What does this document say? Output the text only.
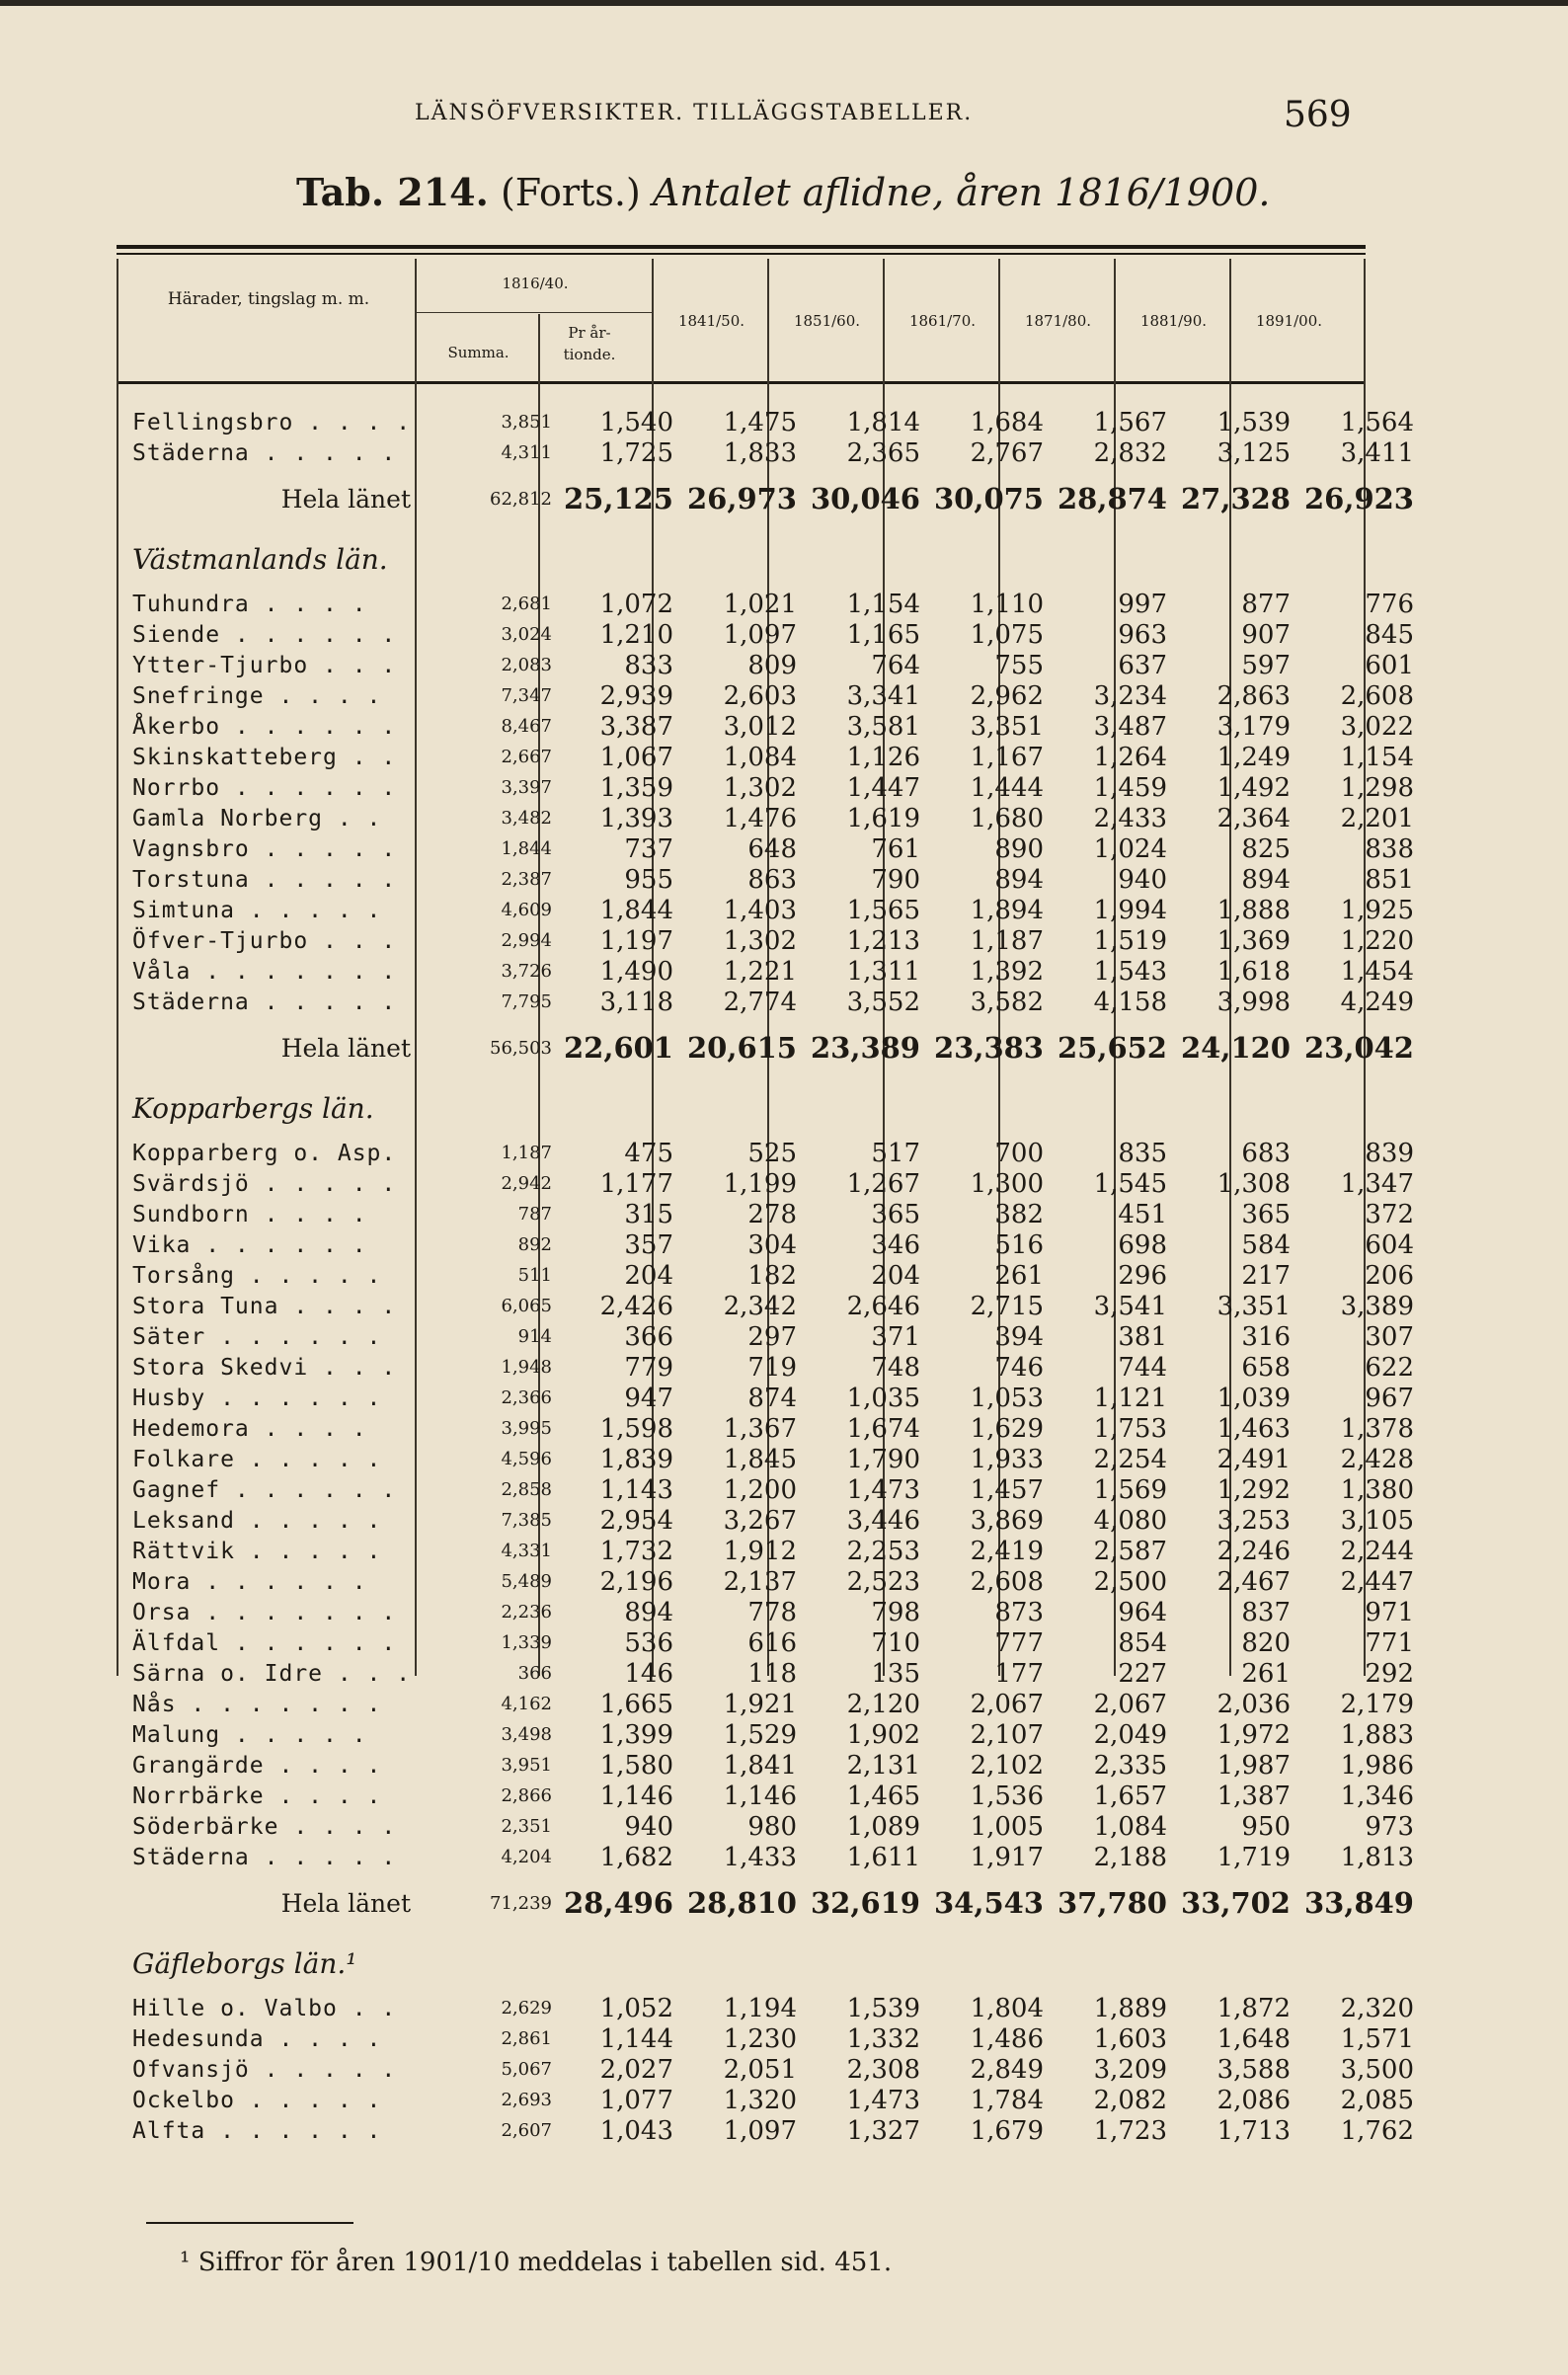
LÄNSÖFVERSIKTER. TILLÄGGSTABELLER.	569
Tab. 214. (Forts.) Antalet aflidne, åren 1816/1900.
Härader, tingslag m. m.
1816/40.
Summa.
Pr år-tionde.
1841/50.	1851/60.	1861/70.	1871/80.	1881/90.	1891/00.
Fellingsbro . . . .	3,851	1,540	1,475	1,814	1,684	1,567	1,539	1,564
Städerna . . . . .	4,311	1,725	1,833	2,365	2,767	2,832	3,125	3,411
Hela länet	62,812	25,125	26,973	30,046	30,075	28,874	27,328	26,923
Västmanlands län.								
Tuhundra . . . .	2,681	1,072	1,021	1,154	1,110	997	877	776
Siende . . . . . .	3,024	1,210	1,097	1,165	1,075	963	907	845
Ytter-Tjurbo . . .	2,083	833	809	764	755	637	597	601
Snefringe . . . .	7,347	2,939	2,603	3,341	2,962	3,234	2,863	2,608
Åkerbo . . . . . .	8,467	3,387	3,012	3,581	3,351	3,487	3,179	3,022
Skinskatteberg . .	2,667	1,067	1,084	1,126	1,167	1,264	1,249	1,154
Norrbo . . . . . .	3,397	1,359	1,302	1,447	1,444	1,459	1,492	1,298
Gamla Norberg . .	3,482	1,393	1,476	1,619	1,680	2,433	2,364	2,201
Vagnsbro . . . . .	1,844	737	648	761	890	1,024	825	838
Torstuna . . . . .	2,387	955	863	790	894	940	894	851
Simtuna . . . . .	4,609	1,844	1,403	1,565	1,894	1,994	1,888	1,925
Öfver-Tjurbo . . .	2,994	1,197	1,302	1,213	1,187	1,519	1,369	1,220
Våla . . . . . . .	3,726	1,490	1,221	1,311	1,392	1,543	1,618	1,454
Städerna . . . . .	7,795	3,118	2,774	3,552	3,582	4,158	3,998	4,249
Hela länet	56,503	22,601	20,615	23,389	23,383	25,652	24,120	23,042
Kopparbergs län.								
Kopparberg o. Asp.	1,187	475	525	517	700	835	683	839
Svärdsjö . . . . .	2,942	1,177	1,199	1,267	1,300	1,545	1,308	1,347
Sundborn . . . .	787	315	278	365	382	451	365	372
Vika . . . . . .	892	357	304	346	516	698	584	604
Torsång . . . . .	511	204	182	204	261	296	217	206
Stora Tuna . . . .	6,065	2,426	2,342	2,646	2,715	3,541	3,351	3,389
Säter . . . . . .	914	366	297	371	394	381	316	307
Stora Skedvi . . .	1,948	779	719	748	746	744	658	622
Husby . . . . . .	2,366	947	874	1,035	1,053	1,121	1,039	967
Hedemora . . . .	3,995	1,598	1,367	1,674	1,629	1,753	1,463	1,378
Folkare . . . . .	4,596	1,839	1,845	1,790	1,933	2,254	2,491	2,428
Gagnef . . . . . .	2,858	1,143	1,200	1,473	1,457	1,569	1,292	1,380
Leksand . . . . .	7,385	2,954	3,267	3,446	3,869	4,080	3,253	3,105
Rättvik . . . . .	4,331	1,732	1,912	2,253	2,419	2,587	2,246	2,244
Mora . . . . . .	5,489	2,196	2,137	2,523	2,608	2,500	2,467	2,447
Orsa . . . . . . .	2,236	894	778	798	873	964	837	971
Älfdal . . . . . .	1,339	536	616	710	777	854	820	771
Särna o. Idre . . .	366	146	118	135	177	227	261	292
Nås . . . . . . .	4,162	1,665	1,921	2,120	2,067	2,067	2,036	2,179
Malung . . . . .	3,498	1,399	1,529	1,902	2,107	2,049	1,972	1,883
Grangärde . . . .	3,951	1,580	1,841	2,131	2,102	2,335	1,987	1,986
Norrbärke . . . .	2,866	1,146	1,146	1,465	1,536	1,657	1,387	1,346
Söderbärke . . . .	2,351	940	980	1,089	1,005	1,084	950	973
Städerna . . . . .	4,204	1,682	1,433	1,611	1,917	2,188	1,719	1,813
Hela länet	71,239	28,496	28,810	32,619	34,543	37,780	33,702	33,849
Gäfleborgs län.¹								
Hille o. Valbo . .	2,629	1,052	1,194	1,539	1,804	1,889	1,872	2,320
Hedesunda . . . .	2,861	1,144	1,230	1,332	1,486	1,603	1,648	1,571
Ofvansjö . . . . .	5,067	2,027	2,051	2,308	2,849	3,209	3,588	3,500
Ockelbo . . . . .	2,693	1,077	1,320	1,473	1,784	2,082	2,086	2,085
Alfta . . . . . .	2,607	1,043	1,097	1,327	1,679	1,723	1,713	1,762
¹ Siffror för åren 1901/10 meddelas i tabellen sid. 451.
